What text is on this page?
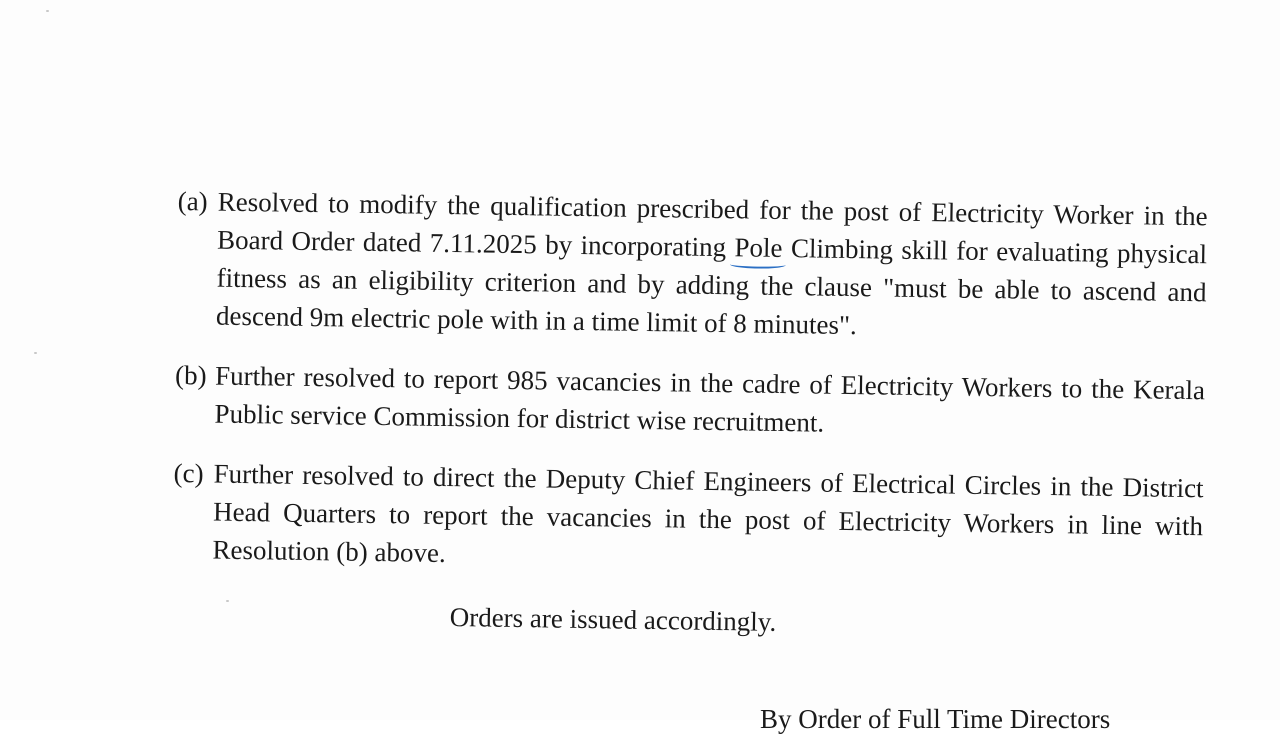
(a) Resolved to modify the qualification prescribed for the post of Electricity Worker in the Board Order dated 7.11.2025 by incorporating Pole Climbing skill for evaluating physical fitness as an eligibility criterion and by adding the clause "must be able to ascend and descend 9m electric pole with in a time limit of 8 minutes".
(b) Further resolved to report 985 vacancies in the cadre of Electricity Workers to the Kerala Public service Commission for district wise recruitment.
(c) Further resolved to direct the Deputy Chief Engineers of Electrical Circles in the District Head Quarters to report the vacancies in the post of Electricity Workers in line with Resolution (b) above.
Orders are issued accordingly.
By Order of Full Time Directors
